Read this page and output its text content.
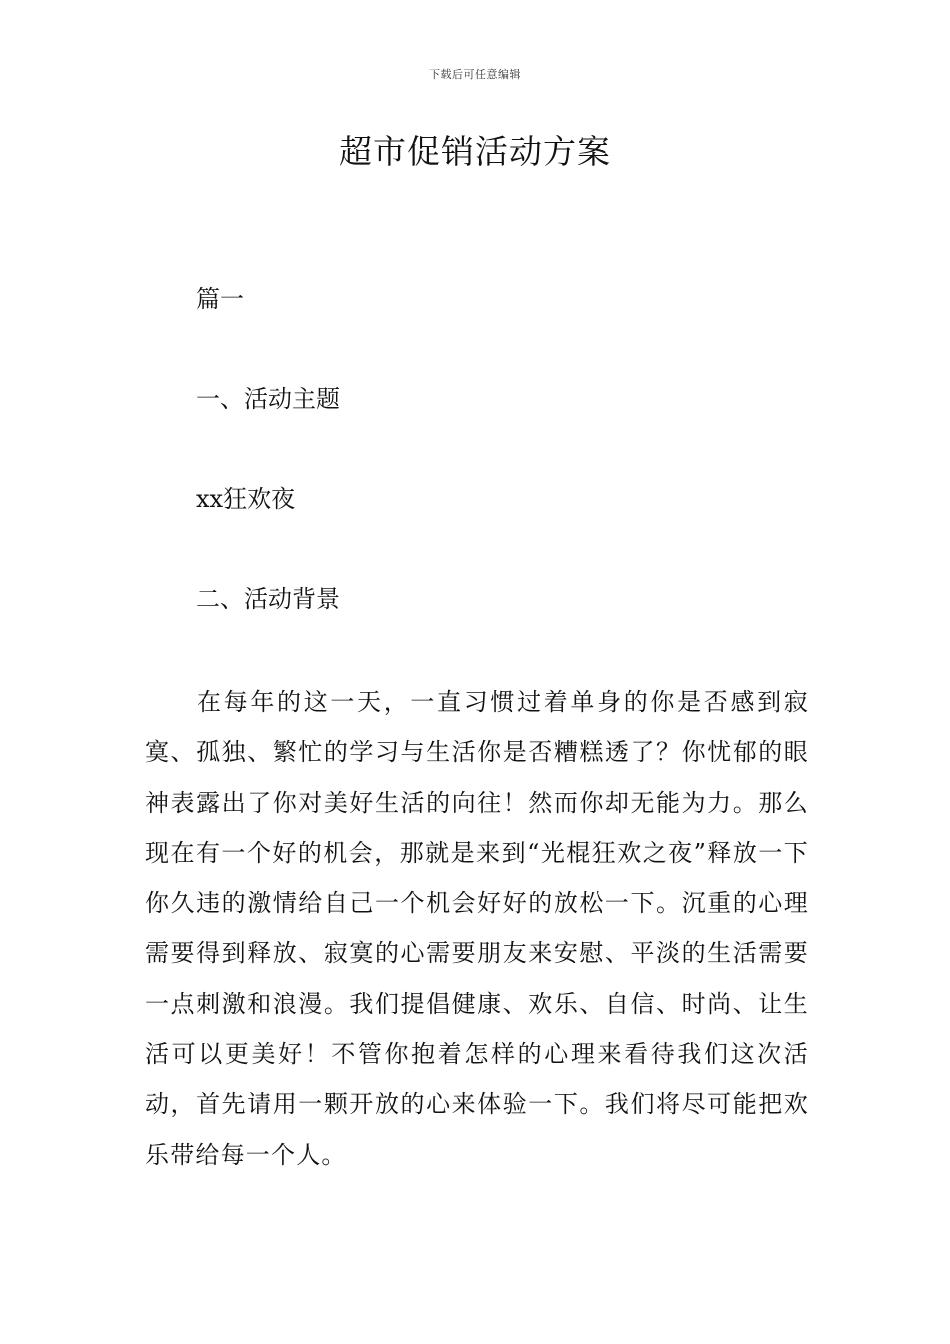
下载后可任意编辑
超市促销活动方案
篇一
一、活动主题
xx狂欢夜
二、活动背景

在每年的这一天，一直习惯过着单身的你是否感到寂寞、孤独、繁忙的学习与生活你是否糟糕透了？你忧郁的眼神表露出了你对美好生活的向往！然而你却无能为力。那么现在有一个好的机会，那就是来到“光棍狂欢之夜”释放一下你久违的激情给自己一个机会好好的放松一下。沉重的心理需要得到释放、寂寞的心需要朋友来安慰、平淡的生活需要一点刺激和浪漫。我们提倡健康、欢乐、自信、时尚、让生活可以更美好！不管你抱着怎样的心理来看待我们这次活动，首先请用一颗开放的心来体验一下。我们将尽可能把欢乐带给每一个人。
